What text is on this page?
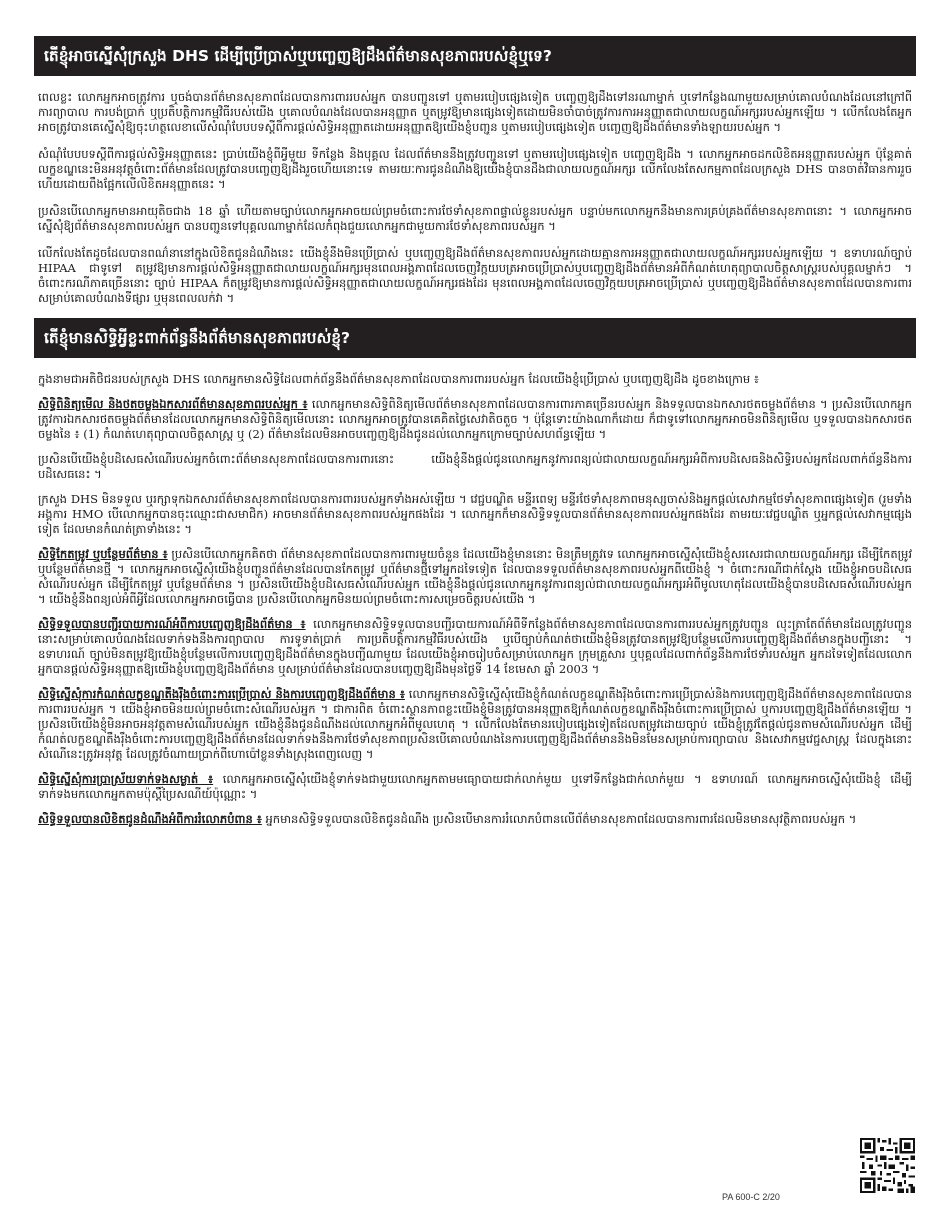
តើខ្ញុំអាចស្នើសុំក្រសួង DHS ដើម្បីប្រើប្រាស់ឬបញ្ចេញឱ្យដឹងព័ត៌មានសុខភាពរបស់ខ្ញុំឬទេ?

ពេលខ្លះ លោកអ្នកអាចត្រូវការ ឬចង់បានព័ត៌មានសុខភាពដែលបានការពាររបស់អ្នក បានបញ្ជូនទៅ ឬតាមរបៀបផ្សេងទៀត បញ្ចេញឱ្យដឹងទៅនរណាម្នាក់ ឬទៅកន្លែងណាមួយសម្រាប់គោលបំណងដែលនៅក្រៅពីការព្យាបាល ការបង់ប្រាក់ ឬប្រតិបត្តិការកម្មវិធីរបស់យើង ឬគោលបំណងដែលបានអនុញ្ញាត ឬតម្រូវឱ្យមានផ្សេងទៀតដោយមិនចាំបាច់ត្រូវការការអនុញ្ញាតជាលាយលក្ខណ៍អក្សររបស់អ្នកឡើយ ។ លើកលែងតែអ្នកអាចត្រូវបានគេស្នើសុំឱ្យចុះហត្ថលេខាលើសំណុំបែបបទស្តីពីការផ្តល់សិទ្ធិអនុញ្ញាតដោយអនុញ្ញាតឱ្យយើងខ្ញុំបញ្ជូន ឬតាមរបៀបផ្សេងទៀត បញ្ចេញឱ្យដឹងព័ត៌មានទាំងឡាយរបស់អ្នក ។

សំណុំបែបបទស្តីពីការផ្តល់សិទ្ធិអនុញ្ញាតនេះ ប្រាប់យើងខ្ញុំពីអ្វីមួយ ទីកន្លែង និងបុគ្គល ដែលព័ត៌មាននឹងត្រូវបញ្ជូនទៅ ឬតាមរបៀបផ្សេងទៀត បញ្ចេញឱ្យដឹង ។ លោកអ្នកអាចដកលិខិតអនុញ្ញាតរបស់អ្នក ប៉ុន្តែគាត់លក្ខខណ្ឌនេះមិនអនុវត្តចំពោះព័ត៌មានដែលត្រូវបានបញ្ចេញឱ្យដឹងរួចហើយនោះទេ តាមរយៈការជូនដំណឹងឱ្យយើងខ្ញុំបានដឹងជាលាយលក្ខណ៍អក្សរ លើកលែងតែសកម្មភាពដែលក្រសួង DHS បានចាត់វិធានការរួចហើយដោយពឹងផ្អែកលើលិខិតអនុញ្ញាតនេះ ។

ប្រសិនបើលោកអ្នកមានអាយុតិចជាង 18 ឆ្នាំ ហើយតាមច្បាប់លោកអ្នកអាចយល់ព្រមចំពោះការថែទាំសុខភាពផ្ទាល់ខ្លួនរបស់អ្នក បន្ទាប់មកលោកអ្នកនឹងមានការគ្រប់គ្រងព័ត៌មានសុខភាពនោះ ។ លោកអ្នកអាចស្នើសុំឱ្យព័ត៌មានសុខភាពរបស់អ្នក បានបញ្ជូនទៅបុគ្គលណាម្នាក់ដែលកំពុងជួយលោកអ្នកជាមួយការថែទាំសុខភាពរបស់អ្នក ។

លើកលែងតែដូចដែលបានពណ៌នានៅក្នុងលិខិតជូនដំណឹងនេះ យើងខ្ញុំនឹងមិនប្រើប្រាស់ ឬបញ្ចេញឱ្យដឹងព័ត៌មានសុខភាពរបស់អ្នកដោយគ្មានការអនុញ្ញាតជាលាយលក្ខណ៍អក្សររបស់អ្នកឡើយ ។ ឧទាហរណ៍ច្បាប់ HIPAA ជាទូទៅ តម្រូវឱ្យមានការផ្តល់សិទ្ធិអនុញ្ញាតជាលាយលក្ខណ៍អក្សរមុនពេលអង្គភាពដែលចេញវិក្កយបត្រអាចប្រើប្រាស់ឬបញ្ចេញឱ្យដឹងព័ត៌មានអំពីកំណត់ហេតុព្យាបាលចិត្តសាស្ត្ររបស់បុគ្គលម្នាក់ៗ ។ ចំពោះករណីភាគច្រើននោះ ច្បាប់ HIPAA ក៏តម្រូវឱ្យមានការផ្តល់សិទ្ធិអនុញ្ញាតជាលាយលក្ខណ៍អក្សរផងដែរ មុនពេលអង្គភាពដែលចេញវិក្កយបត្រអាចប្រើប្រាស់ ឬបញ្ចេញឱ្យដឹងព័ត៌មានសុខភាពដែលបានការពារសម្រាប់គោលបំណងទីផ្សារ ឬមុនពេលលក់វា ។

តើខ្ញុំមានសិទ្ធិអ្វីខ្លះពាក់ព័ន្ធនឹងព័ត៌មានសុខភាពរបស់ខ្ញុំ?

ក្នុងនាមជាអតិថិជនរបស់ក្រសួង DHS លោកអ្នកមានសិទ្ធិដែលពាក់ព័ន្ធនឹងព័ត៌មានសុខភាពដែលបានការពាររបស់អ្នក ដែលយើងខ្ញុំប្រើប្រាស់ ឬបញ្ចេញឱ្យដឹង ដូចខាងក្រោម ៖

សិទ្ធិពិនិត្យមើល និងថតចម្លងឯកសារព័ត៌មានសុខភាពរបស់អ្នក ៖ លោកអ្នកមានសិទ្ធិពិនិត្យមើលព័ត៌មានសុខភាពដែលបានការពារភាគច្រើនរបស់អ្នក និងទទួលបានឯកសារថតចម្លងព័ត៌មាន ។ ប្រសិនបើលោកអ្នកត្រូវការឯកសារថតចម្លងព័ត៌មានដែលលោកអ្នកមានសិទ្ធិពិនិត្យមើលនោះ លោកអ្នកអាចត្រូវបានគេគិតថ្លៃសេវាតិចតួច ។ ប៉ុន្តែទោះយ៉ាងណាក៏ដោយ ក៏ជាទូទៅលោកអ្នកអាចមិនពិនិត្យមើល ឬទទួលបានឯកសារថតចម្លងនៃ ៖ (1) កំណត់ហេតុព្យាបាលចិត្តសាស្ត្រ ឬ (2) ព័ត៌មានដែលមិនអាចបញ្ចេញឱ្យដឹងជូនដល់លោកអ្នកក្រោមច្បាប់សហព័ន្ធឡើយ ។

ប្រសិនបើយើងខ្ញុំបដិសេធសំណើរបស់អ្នកចំពោះព័ត៌មានសុខភាពដែលបានការពារនោះ យើងខ្ញុំនឹងផ្តល់ជូនលោកអ្នកនូវការពន្យល់ជាលាយលក្ខណ៍អក្សរអំពីការបដិសេធនិងសិទ្ធិរបស់អ្នកដែលពាក់ព័ន្ធនឹងការបដិសេធនេះ ។

ក្រសួង DHS មិនទទួល ឬរក្សាទុកឯកសារព័ត៌មានសុខភាពដែលបានការពាររបស់អ្នកទាំងអស់ឡើយ ។ វេជ្ជបណ្ឌិត មន្ទីរពេទ្យ មន្ទីរថែទាំសុខភាពមនុស្សចាស់និងអ្នកផ្តល់សេវាកម្មថែទាំសុខភាពផ្សេងទៀត (រួមទាំងអង្គការ HMO បើលោកអ្នកបានចុះឈ្មោះជាសមាជិក) អាចមានព័ត៌មានសុខភាពរបស់អ្នកផងដែរ ។ លោកអ្នកក៏មានសិទ្ធិទទួលបានព័ត៌មានសុខភាពរបស់អ្នកផងដែរ តាមរយៈវេជ្ជបណ្ឌិត ឬអ្នកផ្តល់សេវាកម្មផ្សេងទៀត ដែលមានកំណត់ត្រាទាំងនេះ ។

សិទ្ធិកែតម្រូវ ឬបន្ថែមព័ត៌មាន ៖ ប្រសិនបើលោកអ្នកគិតថា ព័ត៌មានសុខភាពដែលបានការពារមួយចំនួន ដែលយើងខ្ញុំមាននោះ មិនត្រឹមត្រូវទេ លោកអ្នកអាចស្នើសុំយើងខ្ញុំសរសេរជាលាយលក្ខណ៍អក្សរ ដើម្បីកែតម្រូវ ឬបន្ថែមព័ត៌មានថ្មី ។ លោកអ្នកអាចស្នើសុំយើងខ្ញុំបញ្ជូនព័ត៌មានដែលបានកែតម្រូវ ឬព័ត៌មានថ្មីទៅអ្នកដទៃទៀត ដែលបានទទួលព័ត៌មានសុខភាពរបស់អ្នកពីយើងខ្ញុំ ។ ចំពោះករណីជាក់ស្តែង យើងខ្ញុំអាចបដិសេធសំណើរបស់អ្នក ដើម្បីកែតម្រូវ ឬបន្ថែមព័ត៌មាន ។ ប្រសិនបើយើងខ្ញុំបដិសេធសំណើរបស់អ្នក យើងខ្ញុំនឹងផ្តល់ជូនលោកអ្នកនូវការពន្យល់ជាលាយលក្ខណ៍អក្សរអំពីមូលហេតុដែលយើងខ្ញុំបានបដិសេធសំណើរបស់អ្នក ។ យើងខ្ញុំនឹងពន្យល់អំពីអ្វីដែលលោកអ្នកអាចធ្វើបាន ប្រសិនបើលោកអ្នកមិនយល់ព្រមចំពោះការសម្រេចចិត្តរបស់យើង ។

សិទ្ធិទទួលបានបញ្ជីរបាយការណ៍អំពីការបញ្ចេញឱ្យដឹងព័ត៌មាន ៖ លោកអ្នកមានសិទ្ធិទទួលបានបញ្ជីរបាយការណ៍អំពីទីកន្លែងព័ត៌មានសុខភាពដែលបានការពាររបស់អ្នកត្រូវបញ្ជូន លុះត្រាតែព័ត៌មានដែលត្រូវបញ្ជូននោះសម្រាប់គោលបំណងដែលទាក់ទងនឹងការព្យាបាល ការទូទាត់ប្រាក់ ការប្រតិបត្តិការកម្មវិធីរបស់យើង ឬបើច្បាប់កំណត់ថាយើងខ្ញុំមិនត្រូវបានតម្រូវឱ្យបន្ថែមលើការបញ្ចេញឱ្យដឹងព័ត៌មានក្នុងបញ្ជីនោះ ។ ឧទាហរណ៍ ច្បាប់មិនតម្រូវឱ្យយើងខ្ញុំបន្ថែមលើការបញ្ចេញឱ្យដឹងព័ត៌មានក្នុងបញ្ជីណាមួយ ដែលយើងខ្ញុំអាចរៀបចំសម្រាប់លោកអ្នក ក្រុមគ្រួសារ ឬបុគ្គលដែលពាក់ព័ន្ធនឹងការថែទាំរបស់អ្នក អ្នកដទៃទៀតដែលលោកអ្នកបានផ្តល់សិទ្ធិអនុញ្ញាតឱ្យយើងខ្ញុំបញ្ចេញឱ្យដឹងព័ត៌មាន ឬសម្រាប់ព័ត៌មានដែលបានបញ្ចេញឱ្យដឹងមុនថ្ងៃទី 14 ខែមេសា ឆ្នាំ 2003 ។

សិទ្ធិស្នើសុំការកំណត់លក្ខខណ្ឌតឹងរ៉ឹងចំពោះការប្រើប្រាស់ និងការបញ្ចេញឱ្យដឹងព័ត៌មាន ៖ លោកអ្នកមានសិទ្ធិស្នើសុំយើងខ្ញុំកំណត់លក្ខខណ្ឌតឹងរ៉ឹងចំពោះការប្រើប្រាស់និងការបញ្ចេញឱ្យដឹងព័ត៌មានសុខភាពដែលបានការពាររបស់អ្នក ។ យើងខ្ញុំអាចមិនយល់ព្រមចំពោះសំណើរបស់អ្នក ។ ជាការពិត ចំពោះស្ថានភាពខ្លះយើងខ្ញុំមិនត្រូវបានអនុញ្ញាតឱ្យកំណត់លក្ខខណ្ឌតឹងរ៉ឹងចំពោះការប្រើប្រាស់ ឬការបញ្ចេញឱ្យដឹងព័ត៌មានឡើយ ។ ប្រសិនបើយើងខ្ញុំមិនអាចអនុវត្តតាមសំណើរបស់អ្នក យើងខ្ញុំនឹងជូនដំណឹងដល់លោកអ្នកអំពីមូលហេតុ ។ លើកលែងតែមានរបៀបផ្សេងទៀតដែលតម្រូវដោយច្បាប់ យើងខ្ញុំត្រូវតែផ្តល់ជូនតាមសំណើរបស់អ្នក ដើម្បីកំណត់លក្ខខណ្ឌតឹងរ៉ឹងចំពោះការបញ្ចេញឱ្យដឹងព័ត៌មានដែលទាក់ទងនឹងការថែទាំសុខភាពប្រសិនបើគោលបំណងនៃការបញ្ចេញឱ្យដឹងព័ត៌មាននិងមិនមែនសម្រាប់ការព្យាបាល និងសេវាកម្មវេជ្ជសាស្ត្រ ដែលក្នុងនោះ សំណើនេះត្រូវអនុវត្ត ដែលត្រូវចំណាយប្រាក់ពីហោប៉ៅខ្លួនទាំងស្រុងពេញលេញ ។

សិទ្ធិស្នើសុំការប្រាស្រ័យទាក់ទងសម្ងាត់ ៖ លោកអ្នកអាចស្នើសុំយើងខ្ញុំទាក់ទងជាមួយលោកអ្នកតាមមធ្យោបាយជាក់លាក់មួយ ឬទៅទីកន្លែងជាក់លាក់មួយ ។ ឧទាហរណ៍ លោកអ្នកអាចស្នើសុំយើងខ្ញុំ ដើម្បីទាក់ទងមកលោកអ្នកតាមប៉ុស្តិ៍ប្រៃសណីយ៍ប៉ុណ្ណោះ ។

សិទ្ធិទទួលបានលិខិតជូនដំណឹងអំពីការរំលោភបំពាន ៖ អ្នកមានសិទ្ធិទទួលបានលិខិតជូនដំណឹង ប្រសិនបើមានការរំលោភបំពានលើព័ត៌មានសុខភាពដែលបានការពារដែលមិនមានសុវត្ថិភាពរបស់អ្នក ។

PA 600-C 2/20
